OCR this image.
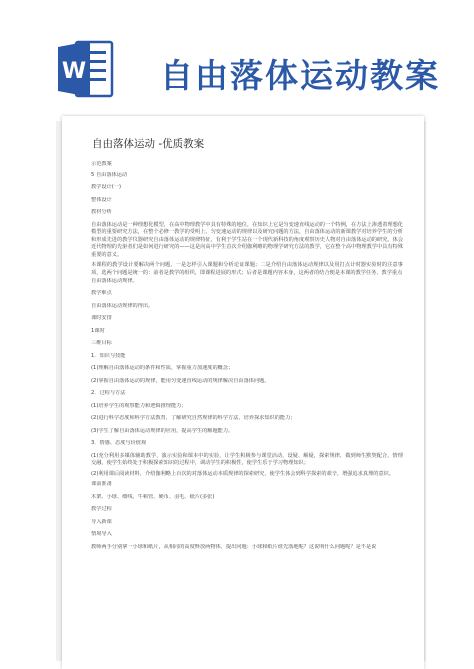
W 自由落体运动教案
自由落体运动 -优质教案
示范教案
5 自由落体运动
教学设计(一)
整体设计
教材分析
自由落体运动是一种理想化模型，在高中物理教学中具有特殊的地位，在知识上它是匀变速直线运动的一个特例，在方法上渗透着理想化模型的重要研究方法，在整个必修一教学的受明上，匀变速运动的规律以及研究问题的方法，自由落体运动的新课教学对培养学生的分析和形成先进的教学仪器研究自由落体运动的规律特征，有利于学生站在一个现代新科技的角度观察历史人物对自由落体运动的研究。体会近代物理的先驱者们是如何进行研究的——这是向高中学生首次介绍伽利略的物理学研究方法的教学，它在整个高中物理教学中具有特殊重要的意义。
本课程的教学设计要解决两个问题，一是怎样引入课题和分析论证课题；二是介绍自由落体运动规律以及用打点计时器实验时的注意事项，选两个问题是统一的：前者是教学的组织，即课程进展的形式；后者是课题内容本身，这两者的结合便是本课的教学任务、教学重点
自由落体运动规律。
教学难点
自由落体运动规律的得出。
课时安排
1课时
三维目标
1．知识与技能
(1)理解自由落体运动的条件和性质，掌握重力加速度的概念；
(2)掌握自由落体运动的规律，能用匀变速直线运动的规律解决自由落体问题。
2．过程与方法
(1)培养学生的观察能力和逻辑推理能力；
(2)进行科学态度和科学方法教育，了解研究自然规律的科学方法，培养探求知识的能力；
(3)学生了解自由落体运动规律的应用，提高学生的解题能力。
3．情感、态度与价值观
(1)充分利用多媒体辅助教学，演示实验和课本中的实验，让学生积极参与课堂活动，设疑、解疑，探索规律，做到师生默契配合，情理交融，使学生始终处于积极探索知识的过程中，调动学生的积极性，使学生乐于学习物理知识；
(2)利用课后阅读材料，介绍伽利略上百次的对落体运动本质规律的探索研究，使学生体会到科学探索的艰辛，增强追求真理的意识。
课前准备
木架、小球、细线、牛顿管、硬币、羽毛、纸片(多张)
教学过程
导入新课
情境导入
教师两手分别拿一小球和纸片，从相同的高度释放两物体，提出问题：小球和纸片谁先落地呢？这说明什么问题呢？是不是说
